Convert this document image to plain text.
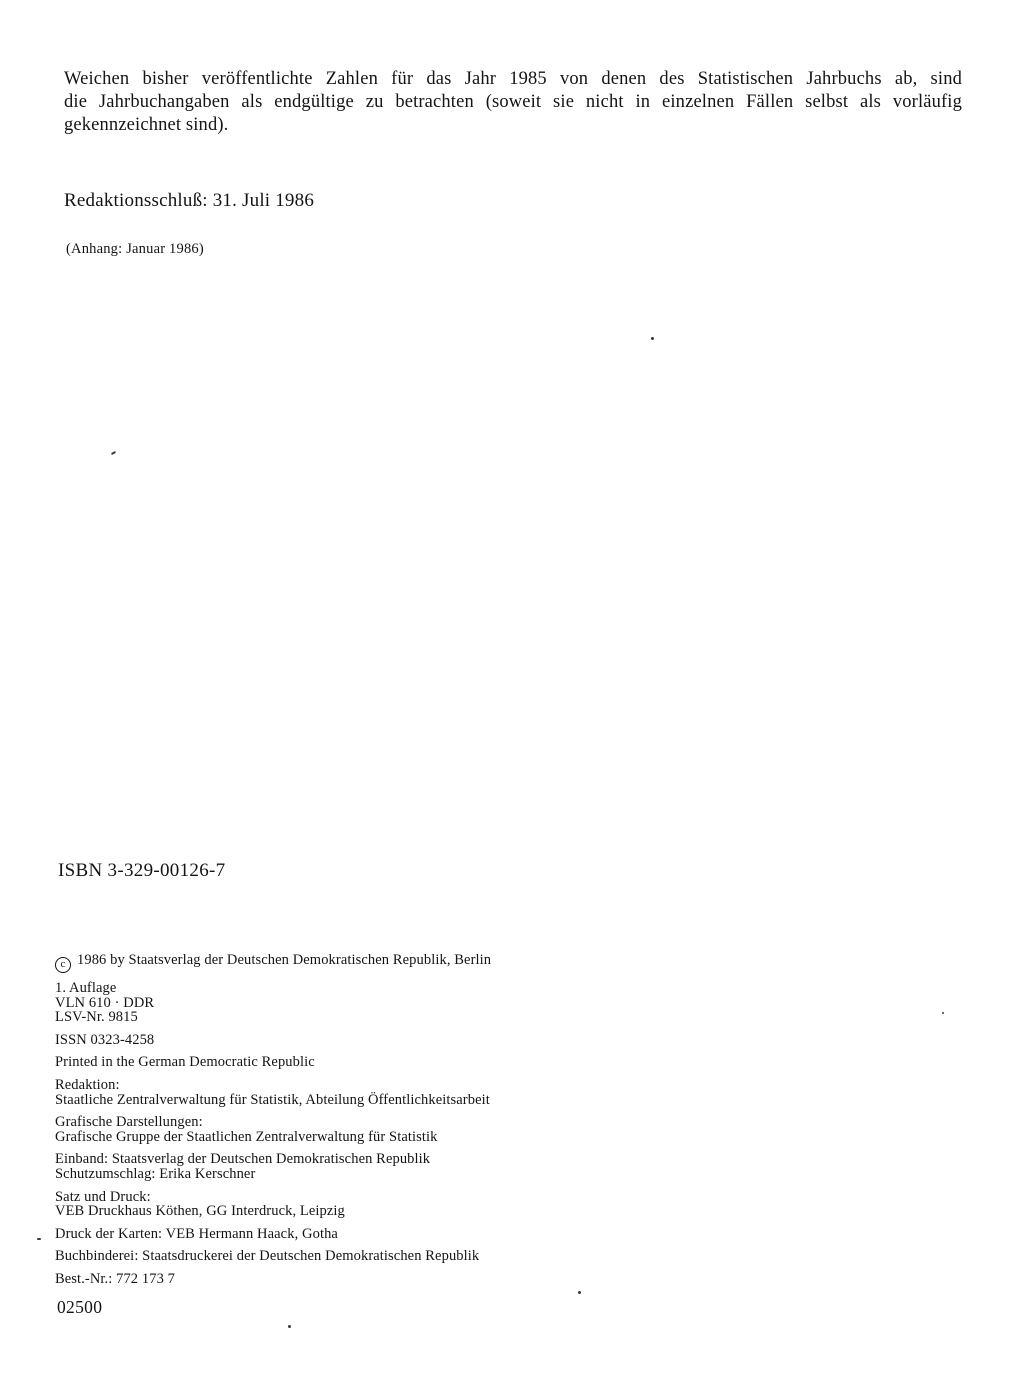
Weichen bisher veröffentlichte Zahlen für das Jahr 1985 von denen des Statistischen Jahrbuchs ab, sind
die Jahrbuchangaben als endgültige zu betrachten (soweit sie nicht in einzelnen Fällen selbst als vorläufig
gekennzeichnet sind).
Redaktionsschluß: 31. Juli 1986
(Anhang: Januar 1986)
ISBN 3-329-00126-7
c 1986 by Staatsverlag der Deutschen Demokratischen Republik, Berlin
1. Auflage
VLN 610 · DDR
LSV-Nr. 9815
ISSN 0323-4258
Printed in the German Democratic Republic
Redaktion:
Staatliche Zentralverwaltung für Statistik, Abteilung Öffentlichkeitsarbeit
Grafische Darstellungen:
Grafische Gruppe der Staatlichen Zentralverwaltung für Statistik
Einband: Staatsverlag der Deutschen Demokratischen Republik
Schutzumschlag: Erika Kerschner
Satz und Druck:
VEB Druckhaus Köthen, GG Interdruck, Leipzig
Druck der Karten: VEB Hermann Haack, Gotha
Buchbinderei: Staatsdruckerei der Deutschen Demokratischen Republik
Best.-Nr.: 772 173 7
02500
